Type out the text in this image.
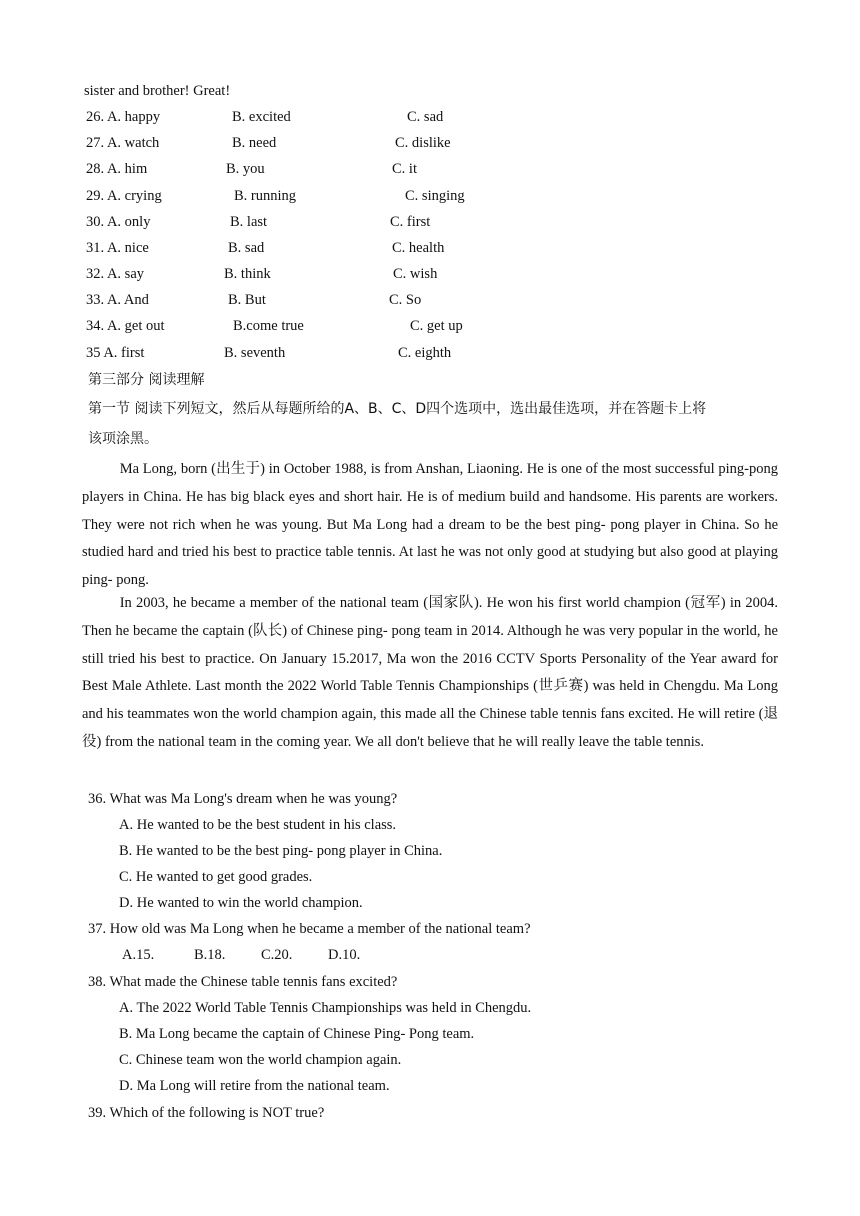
sister and brother! Great!
26. A. happy	B. excited	C. sad
27. A. watch	B. need	C. dislike
28. A. him	B. you	C. it
29. A. crying	B. running	C. singing
30. A. only	B. last	C. first
31. A. nice	B. sad	C. health
32. A. say	B. think	C. wish
33. A. And	B. But	C. So
34. A. get out	B.come true	C. get up
35 A. first	B. seventh	C. eighth
第三部分 阅读理解
第一节 阅读下列短文，然后从每题所给的A、B、C、D四个选项中，选出最佳选项，并在答题卡上将
该项涂黑。
Ma Long, born (出生于) in October 1988, is from Anshan, Liaoning. He is one of the most successful ping-pong players in China. He has big black eyes and short hair. He is of medium build and handsome. His parents are workers. They were not rich when he was young. But Ma Long had a dream to be the best ping- pong player in China. So he studied hard and tried his best to practice table tennis. At last he was not only good at studying but also good at playing ping- pong.
In 2003, he became a member of the national team (国家队). He won his first world champion (冠军) in 2004. Then he became the captain (队长) of Chinese ping- pong team in 2014. Although he was very popular in the world, he still tried his best to practice. On January 15.2017, Ma won the 2016 CCTV Sports Personality of the Year award for Best Male Athlete. Last month the 2022 World Table Tennis Championships (世乒赛) was held in Chengdu. Ma Long and his teammates won the world champion again, this made all the Chinese table tennis fans excited. He will retire (退役) from the national team in the coming year. We all don't believe that he will really leave the table tennis.
36. What was Ma Long's dream when he was young?
A. He wanted to be the best student in his class.
B. He wanted to be the best ping- pong player in China.
C. He wanted to get good grades.
D. He wanted to win the world champion.
37. How old was Ma Long when he became a member of the national team?
A.15.	B.18. C.20. D.10.
38. What made the Chinese table tennis fans excited?
A. The 2022 World Table Tennis Championships was held in Chengdu.
B. Ma Long became the captain of Chinese Ping- Pong team.
C. Chinese team won the world champion again.
D. Ma Long will retire from the national team.
39. Which of the following is NOT true?
